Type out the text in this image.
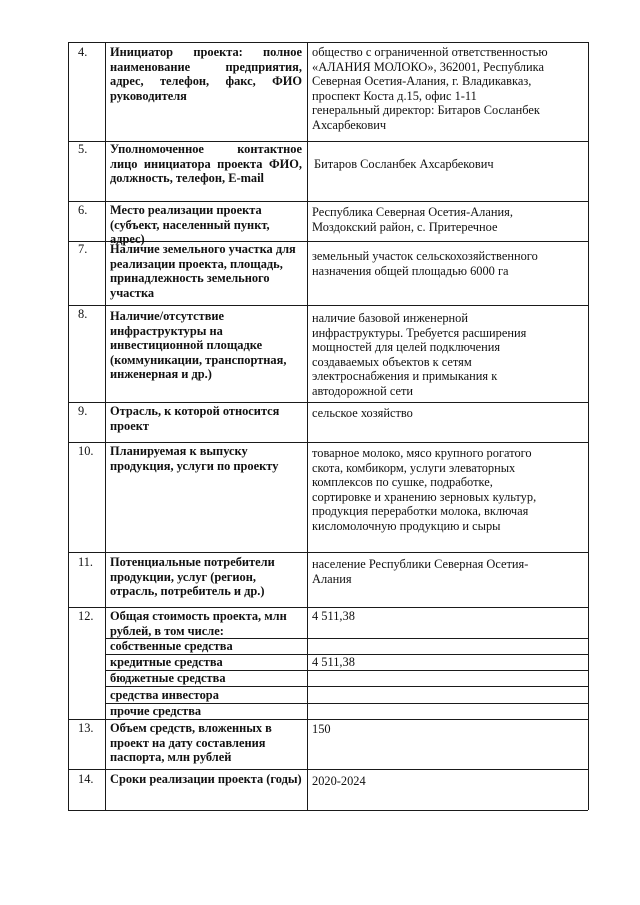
4. Инициатор проекта: полное наименование предприятия, адрес, телефон, факс, ФИО руководителя
общество с ограниченной ответственностью
«АЛАНИЯ МОЛОКО», 362001, Республика
Северная Осетия-Алания, г. Владикавказ,
проспект Коста д.15, офис 1-11
генеральный директор: Битаров Сосланбек
Ахсарбекович
5. Уполномоченное контактное лицо инициатора проекта ФИО, должность, телефон, E-mail
Битаров Сосланбек Ахсарбекович
6. Место реализации проекта (субъект, населенный пункт, адрес)
Республика Северная Осетия-Алания,
Моздокский район, с. Притеречное
7. Наличие земельного участка для реализации проекта, площадь, принадлежность земельного участка
земельный участок сельскохозяйственного
назначения общей площадью 6000 га
8. Наличие/отсутствие инфраструктуры на инвестиционной площадке (коммуникации, транспортная, инженерная и др.)
наличие базовой инженерной
инфраструктуры. Требуется расширения
мощностей для целей подключения
создаваемых объектов к сетям
электроснабжения и примыкания к
автодорожной сети
9. Отрасль, к которой относится проект
сельское хозяйство
10. Планируемая к выпуску продукция, услуги по проекту
товарное молоко, мясо крупного рогатого
скота, комбикорм, услуги элеваторных
комплексов по сушке, подработке,
сортировке и хранению зерновых культур,
продукция переработки молока, включая
кисломолочную продукцию и сыры
11. Потенциальные потребители продукции, услуг (регион, отрасль, потребитель и др.)
население Республики Северная Осетия-
Алания
12. Общая стоимость проекта, млн рублей, в том числе:
4 511,38
собственные средства
кредитные средства	4 511,38
бюджетные средства
средства инвестора
прочие средства
13. Объем средств, вложенных в проект на дату составления паспорта, млн рублей
150
14. Сроки реализации проекта (годы) 2020-2024
